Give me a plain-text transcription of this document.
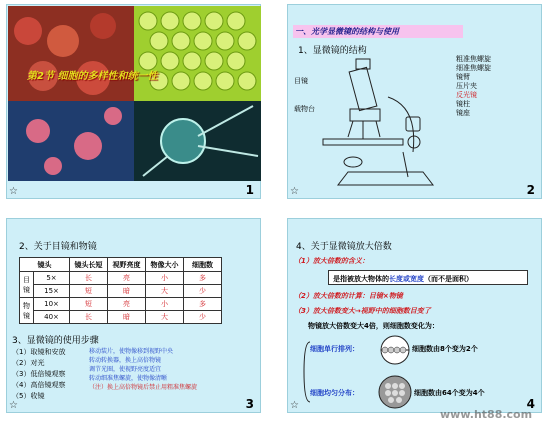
第2节 细胞的多样性和统一性
☆	1
一、光学显微镜的结构与使用
1、显微镜的结构
目镜
载物台
粗准焦螺旋
细准焦螺旋
镜臂
压片夹
反光镜
镜柱
镜座
☆	2
2、关于目镜和物镜
镜头		镜头长短	视野亮度	物像大小	细胞数
目镜	5×	长	亮	小	多
	15×	短	暗	大	少
物镜	10×	短	亮	小	多
	40×	长	暗	大	少
3、显微镜的使用步骤
（1）取镜和安放
（2）对光
（3）低倍镜观察
（4）高倍镜观察
（5）收镜
移动装片，使物像移到视野中央
转动转换器，换上高倍物镜
调节光圈，使视野亮度适宜
转动细准焦螺旋，使物像清晰
（注）换上高倍物镜后禁止用粗准焦螺旋
☆	3
4、关于显微镜放大倍数
（1）放大倍数的含义：
是指被放大物体的长度或宽度（而不是面积）
（2）放大倍数的计算：目镜×物镜
（3）放大倍数变大→视野中的细胞数目变了
物镜放大倍数变大4倍，则细胞数变化为：
细胞单行排列：	细胞数由8个变为2个
细胞均匀分布：	细胞数由64个变为4个
☆	4
www.ht88.com
